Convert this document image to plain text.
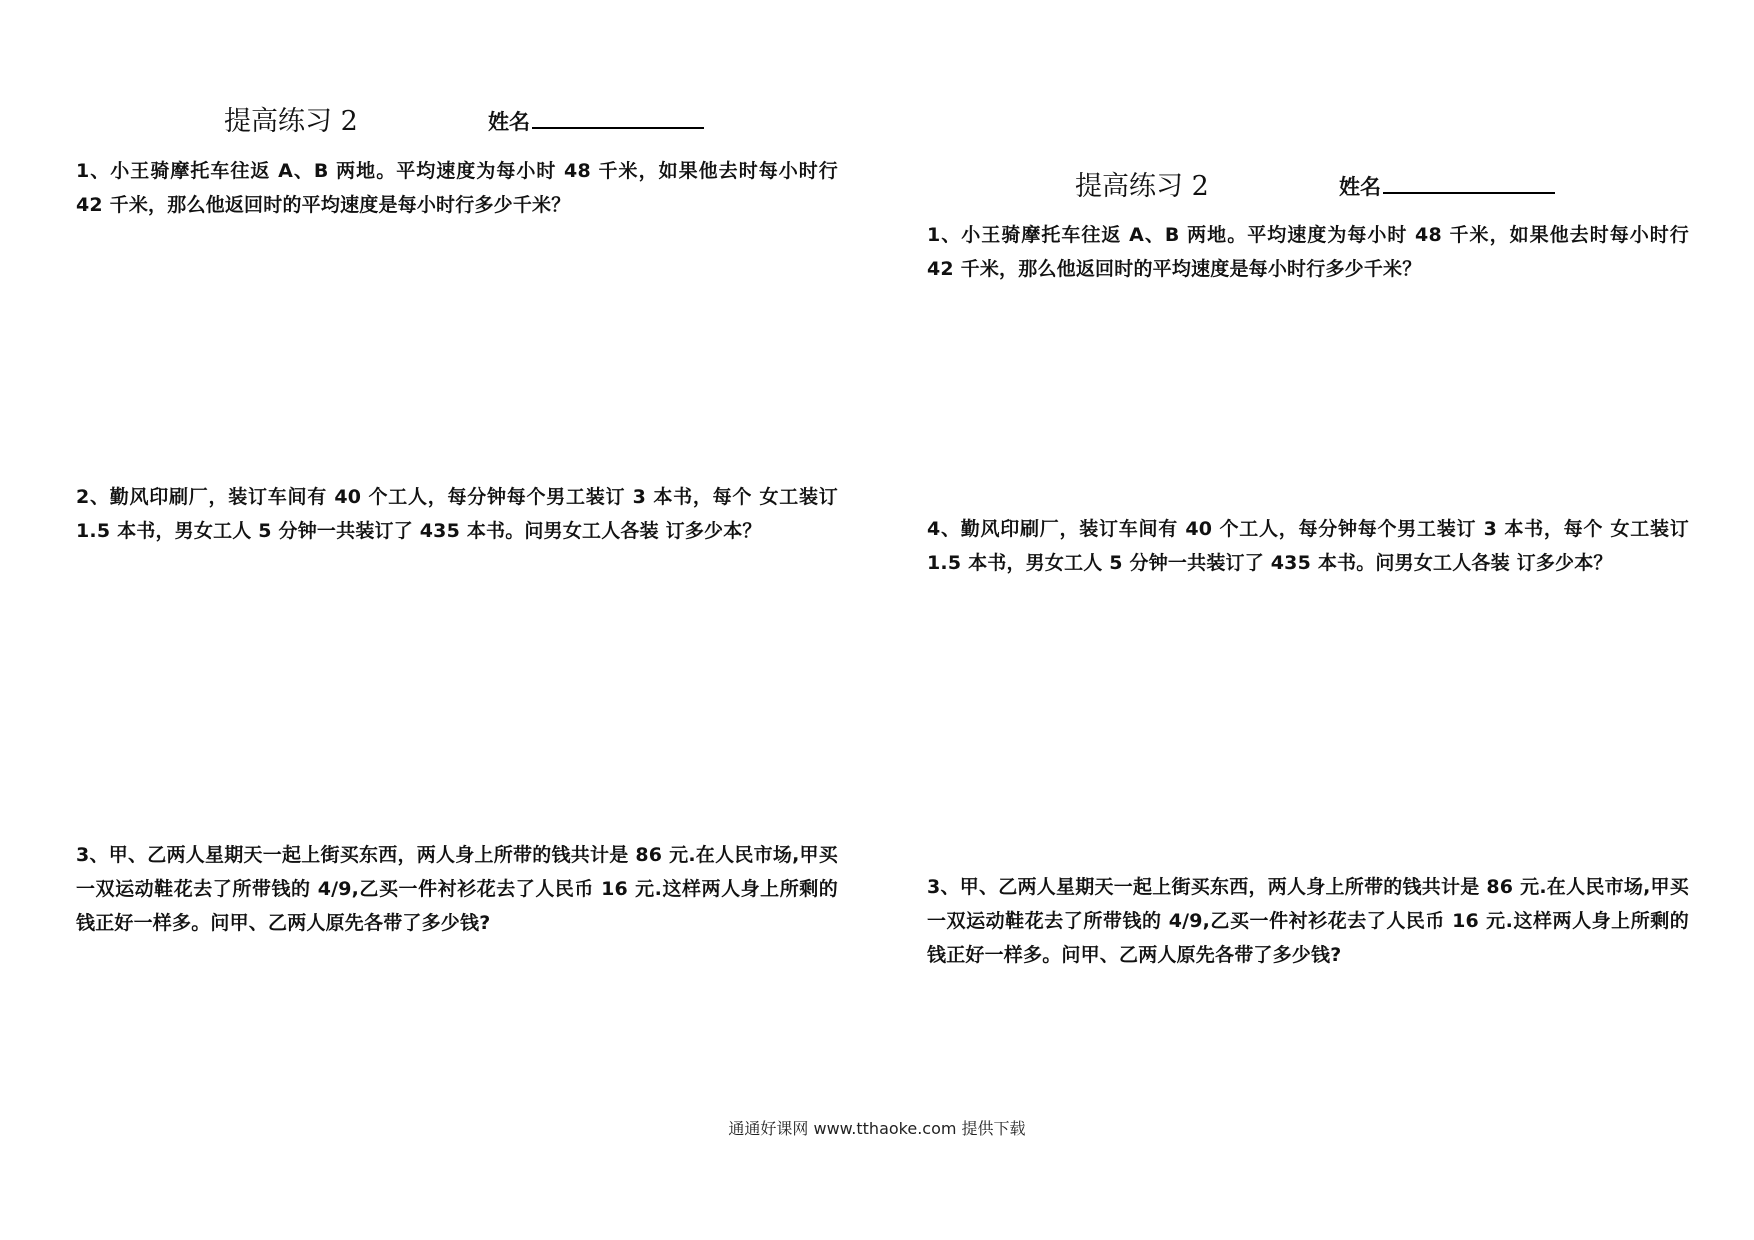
提高练习 2	姓名

1、小王骑摩托车往返 A、B 两地。平均速度为每小时 48 千米，如果他去时每小时行 42 千米，那么他返回时的平均速度是每小时行多少千米？

2、勤风印刷厂，装订车间有 40 个工人，每分钟每个男工装订 3 本书，每个 女工装订 1.5 本书，男女工人 5 分钟一共装订了 435 本书。问男女工人各装 订多少本？

3、甲、乙两人星期天一起上街买东西，两人身上所带的钱共计是 86 元.在人民市场,甲买一双运动鞋花去了所带钱的 4/9,乙买一件衬衫花去了人民币 16 元.这样两人身上所剩的钱正好一样多。问甲、乙两人原先各带了多少钱?

提高练习 2	姓名

1、小王骑摩托车往返 A、B 两地。平均速度为每小时 48 千米，如果他去时每小时行 42 千米，那么他返回时的平均速度是每小时行多少千米？

4、勤风印刷厂，装订车间有 40 个工人，每分钟每个男工装订 3 本书，每个 女工装订 1.5 本书，男女工人 5 分钟一共装订了 435 本书。问男女工人各装 订多少本？

3、甲、乙两人星期天一起上街买东西，两人身上所带的钱共计是 86 元.在人民市场,甲买一双运动鞋花去了所带钱的 4/9,乙买一件衬衫花去了人民币 16 元.这样两人身上所剩的钱正好一样多。问甲、乙两人原先各带了多少钱?

通通好课网 www.tthaoke.com 提供下载
